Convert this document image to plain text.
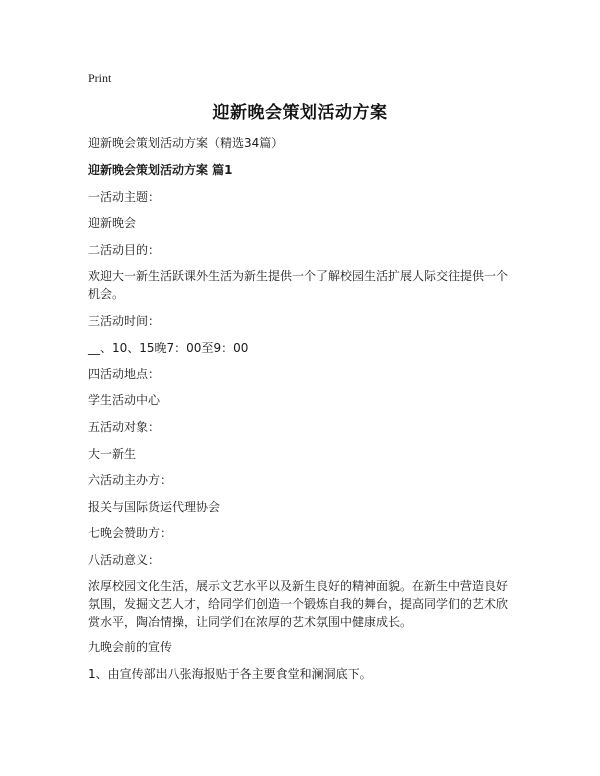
Print
迎新晚会策划活动方案
迎新晚会策划活动方案（精选34篇）
迎新晚会策划活动方案 篇1
一活动主题：
迎新晚会
二活动目的：
欢迎大一新生活跃课外生活为新生提供一个了解校园生活扩展人际交往提供一个机会。
三活动时间：
__、10、15晚7：00至9：00
四活动地点：
学生活动中心
五活动对象：
大一新生
六活动主办方：
报关与国际货运代理协会
七晚会赞助方：
八活动意义：
浓厚校园文化生活，展示文艺水平以及新生良好的精神面貌。在新生中营造良好氛围，发掘文艺人才，给同学们创造一个锻炼自我的舞台，提高同学们的艺术欣赏水平，陶冶情操，让同学们在浓厚的艺术氛围中健康成长。
九晚会前的宣传
1、由宣传部出八张海报贴于各主要食堂和澜洞底下。
